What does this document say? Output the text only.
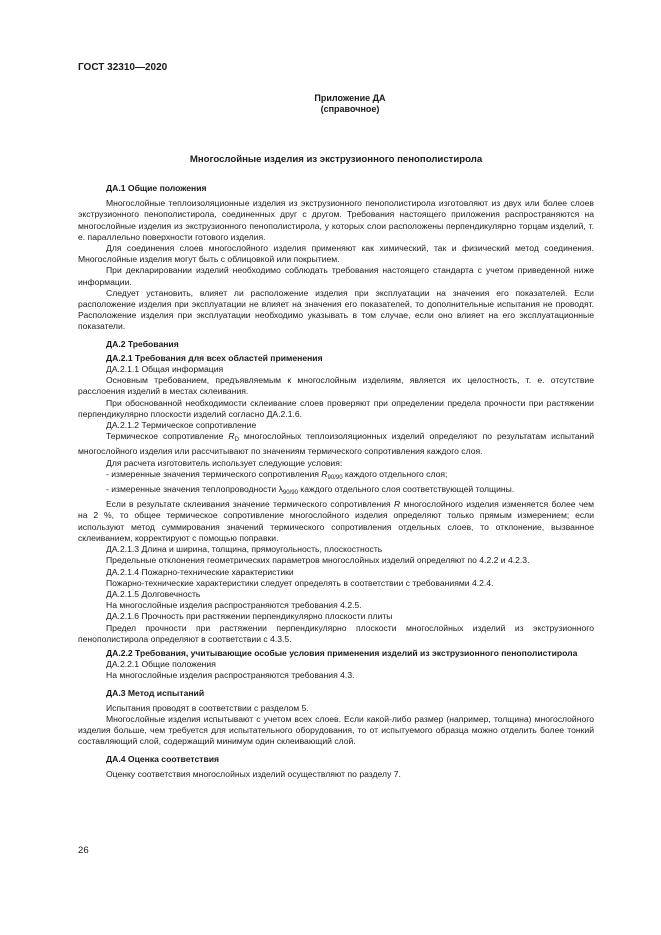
ГОСТ 32310—2020
Приложение ДА
(справочное)
Многослойные изделия из экструзионного пенополистирола

ДА.1 Общие положения

Многослойные теплоизоляционные изделия из экструзионного пенополистирола изготовляют из двух или более слоев экструзионного пенополистирола, соединенных друг с другом. Требования настоящего приложения распространяются на многослойные изделия из экструзионного пенополистирола, у которых слои расположены перпендикулярно торцам изделий, т. е. параллельно поверхности готового изделия.

Для соединения слоев многослойного изделия применяют как химический, так и физический метод соединения. Многослойные изделия могут быть с облицовкой или покрытием.

При декларировании изделий необходимо соблюдать требования настоящего стандарта с учетом приведенной ниже информации.

Следует установить, влияет ли расположение изделия при эксплуатации на значения его показателей. Если расположение изделия при эксплуатации не влияет на значения его показателей, то дополнительные испытания не проводят. Расположение изделия при эксплуатации необходимо указывать в том случае, если оно влияет на его эксплуатационные показатели.

ДА.2 Требования

ДА.2.1 Требования для всех областей применения

ДА.2.1.1 Общая информация

Основным требованием, предъявляемым к многослойным изделиям, является их целостность, т. е. отсутствие расслоения изделий в местах склеивания.

При обоснованной необходимости склеивание слоев проверяют при определении предела прочности при растяжении перпендикулярно плоскости изделий согласно ДА.2.1.6.

ДА.2.1.2 Термическое сопротивление

Термическое сопротивление $R_D$ многослойных теплоизоляционных изделий определяют по результатам испытаний многослойного изделия или рассчитывают по значениям термического сопротивления каждого слоя.

Для расчета изготовитель использует следующие условия:

- измеренные значения термического сопротивления $R_{90/90}$ каждого отдельного слоя;

- измеренные значения теплопроводности $\lambda_{90/90}$ каждого отдельного слоя соответствующей толщины.

Если в результате склеивания значение термического сопротивления R многослойного изделия изменяется более чем на 2 %, то общее термическое сопротивление многослойного изделия определяют только прямым измерением; если используют метод суммирования значений термического сопротивления отдельных слоев, то отклонение, вызванное склеиванием, корректируют с помощью поправки.

ДА.2.1.3 Длина и ширина, толщина, прямоугольность, плоскостность

Предельные отклонения геометрических параметров многослойных изделий определяют по 4.2.2 и 4.2.3.

ДА.2.1.4 Пожарно-технические характеристики

Пожарно-технические характеристики следует определять в соответствии с требованиями 4.2.4.

ДА.2.1.5 Долговечность

На многослойные изделия распространяются требования 4.2.5.

ДА.2.1.6 Прочность при растяжении перпендикулярно плоскости плиты

Предел прочности при растяжении перпендикулярно плоскости многослойных изделий из экструзионного пенополистирола определяют в соответствии с 4.3.5.

ДА.2.2 Требования, учитывающие особые условия применения изделий из экструзионного пенополистирола

ДА.2.2.1 Общие положения

На многослойные изделия распространяются требования 4.3.

ДА.3 Метод испытаний

Испытания проводят в соответствии с разделом 5.

Многослойные изделия испытывают с учетом всех слоев. Если какой-либо размер (например, толщина) многослойного изделия больше, чем требуется для испытательного оборудования, то от испытуемого образца можно отделить более тонкий составляющий слой, содержащий минимум один склеивающий слой.

ДА.4 Оценка соответствия

Оценку соответствия многослойных изделий осуществляют по разделу 7.

26
